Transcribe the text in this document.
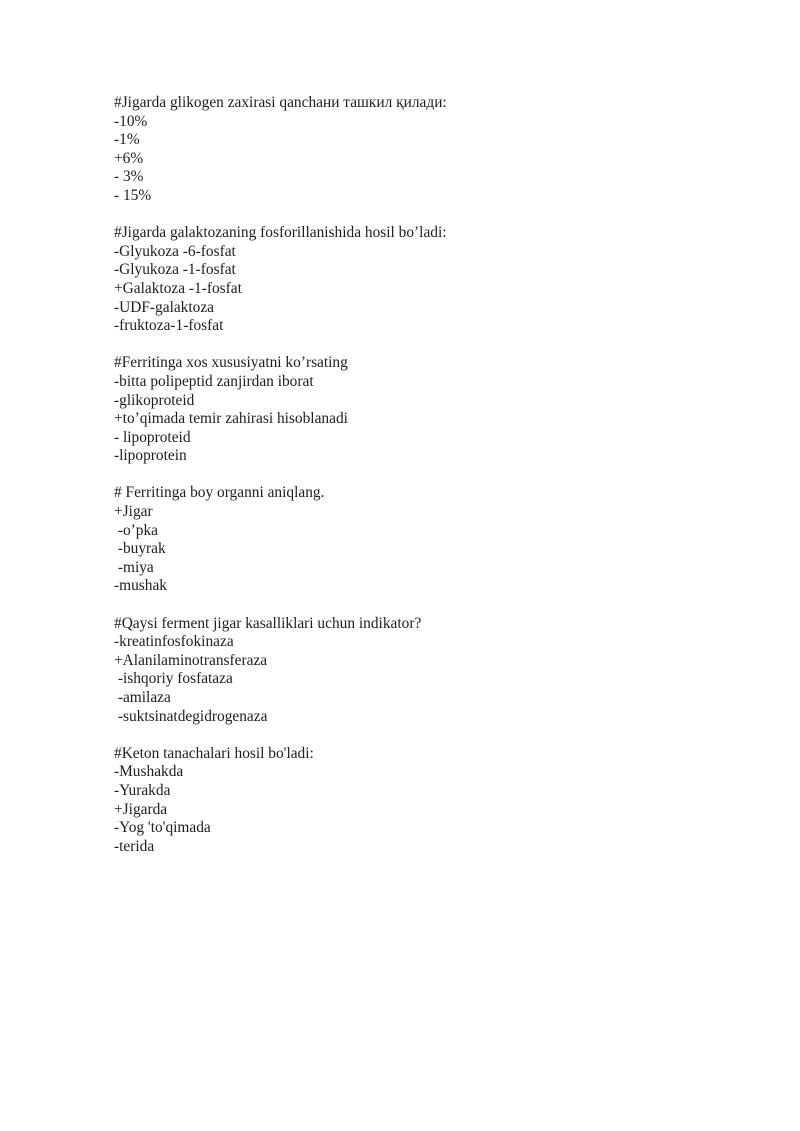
#Jigarda glikogen zaxirasi qanchани ташкил қилади:
-10%
-1%
+6%
- 3%
- 15%
#Jigarda galaktozaning fosforillanishida hosil bo’ladi:
-Glyukoza -6-fosfat
-Glyukoza -1-fosfat
+Galaktoza -1-fosfat
-UDF-galaktoza
-fruktoza-1-fosfat
#Ferritinga xos xususiyatni ko’rsating
-bitta polipeptid zanjirdan iborat
-glikoproteid
+to’qimada temir zahirasi hisoblanadi
- lipoproteid
-lipoprotein
# Ferritinga boy organni aniqlang.
+Jigar
-o’pka
-buyrak
-miya
-mushak
#Qaysi ferment jigar kasalliklari uchun indikator?
-kreatinfosfokinaza
+Alanilaminotransferaza
-ishqoriy fosfataza
-amilaza
-suktsinatdegidrogenaza
#Keton tanachalari hosil bo'ladi:
-Mushakda
-Yurakda
+Jigarda
-Yog 'to'qimada
-terida
